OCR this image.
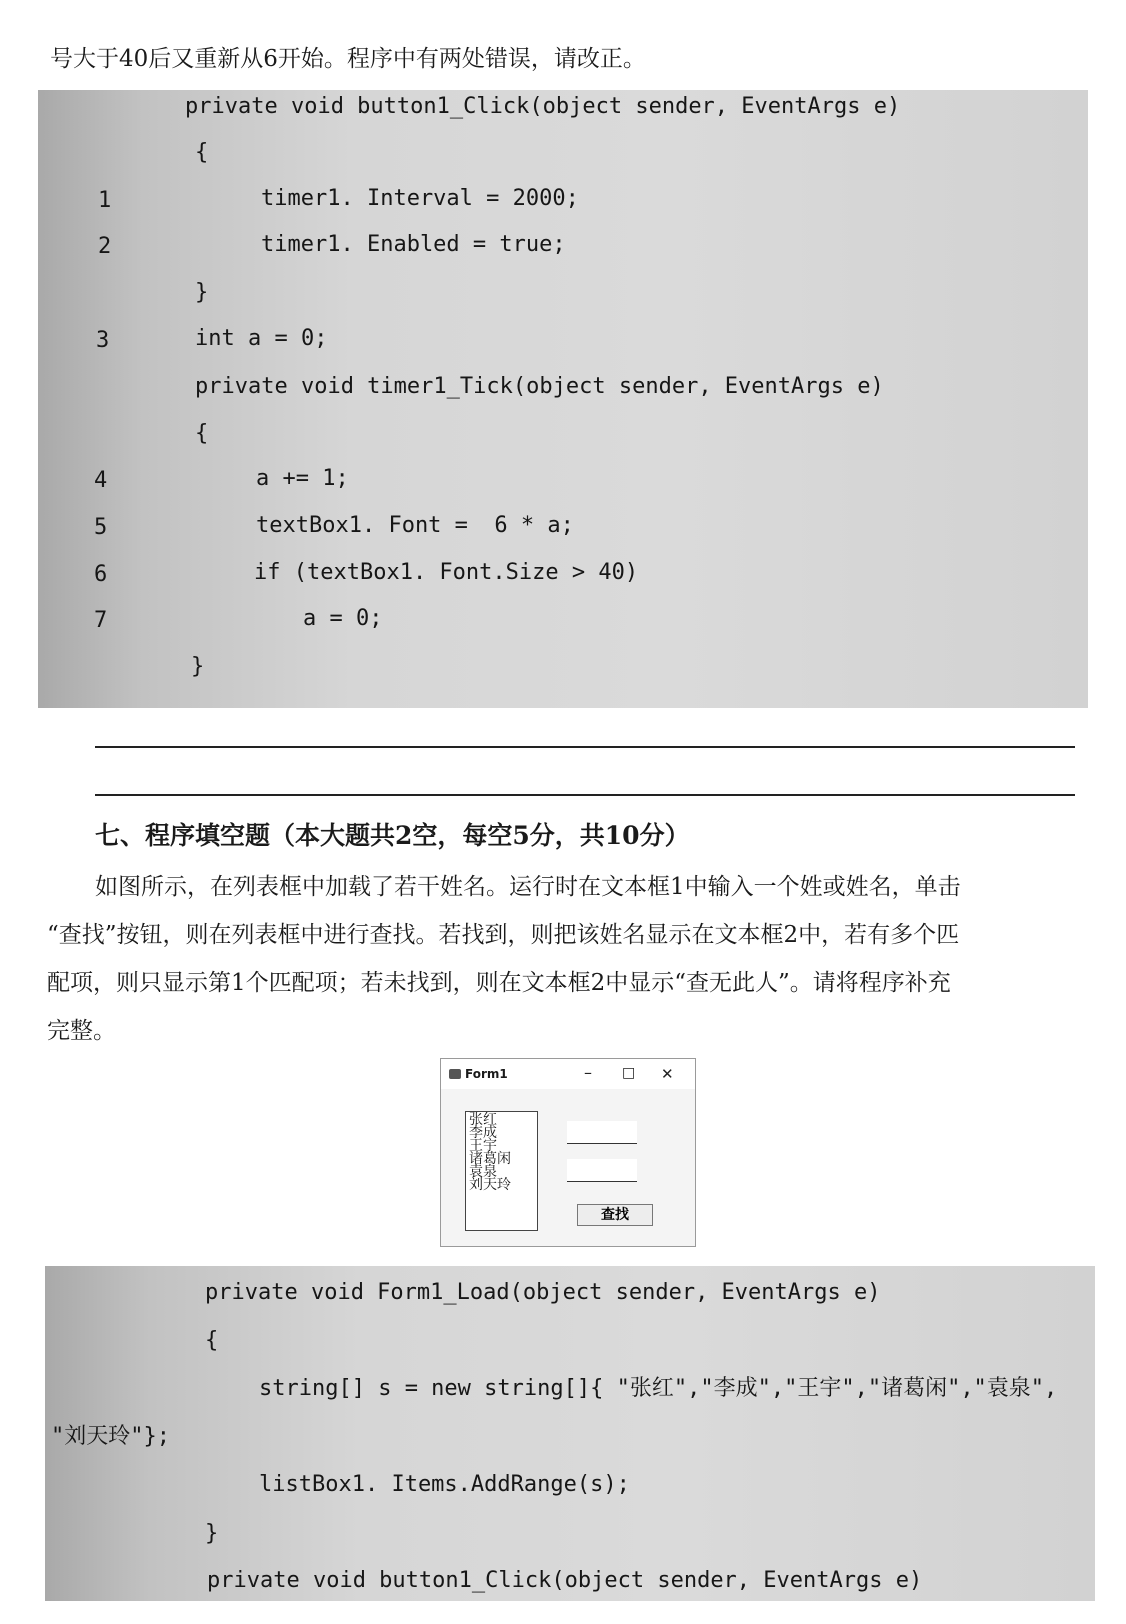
号大于40后又重新从6开始。程序中有两处错误，请改正。
private void button1_Click(object sender, EventArgs e)
{
1	timer1. Interval = 2000;
2	timer1. Enabled = true;
}
3	int a = 0;
private void timer1_Tick(object sender, EventArgs e)
{
4	a += 1;
5	textBox1. Font =  6 * a;
6	if (textBox1. Font.Size > 40)
7	a = 0;
}
七、程序填空题（本大题共2空，每空5分，共10分）
如图所示，在列表框中加载了若干姓名。运行时在文本框1中输入一个姓或姓名，单击
“查找”按钮，则在列表框中进行查找。若找到，则把该姓名显示在文本框2中，若有多个匹
配项，则只显示第1个匹配项；若未找到，则在文本框2中显示“查无此人”。请将程序补充
完整。
Form1	– □ ✕
张红
李成
王宇
诸葛闲
袁泉
刘天玲
查找
private void Form1_Load(object sender, EventArgs e)
{
string[] s = new string[]{ "张红","李成","王宇","诸葛闲","袁泉",
"刘天玲"};
listBox1. Items.AddRange(s);
}
private void button1_Click(object sender, EventArgs e)
